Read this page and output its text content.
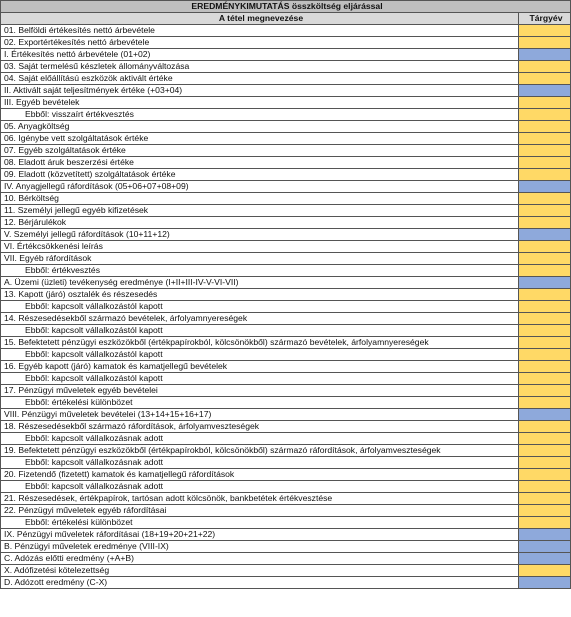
EREDMÉNYKIMUTATÁS összköltség eljárással	
A tétel megnevezése	Tárgyév
01. Belföldi értékesítés nettó árbevétele	
02. Exportértékesítés nettó árbevétele	
I. Értékesítés nettó árbevétele (01+02)	
03. Saját termelésű készletek állományváltozása	
04. Saját előállítású eszközök aktivált értéke	
II. Aktivált saját teljesítmények értéke (+03+04)	
III. Egyéb bevételek	
Ebből: visszaírt értékvesztés	
05. Anyagköltség	
06. Igénybe vett szolgáltatások értéke	
07. Egyéb szolgáltatások értéke	
08. Eladott áruk beszerzési értéke	
09. Eladott (közvetített) szolgáltatások értéke	
IV. Anyagjellegű ráfordítások (05+06+07+08+09)	
10. Bérköltség	
11. Személyi jellegű egyéb kifizetések	
12. Bérjárulékok	
V. Személyi jellegű ráfordítások (10+11+12)	
VI. Értékcsökkenési leírás	
VII. Egyéb ráfordítások	
Ebből: értékvesztés	
A. Üzemi (üzleti) tevékenység eredménye (I+II+III-IV-V-VI-VII)	
13. Kapott (járó) osztalék és részesedés	
Ebből: kapcsolt vállalkozástól kapott	
14. Részesedésekből származó bevételek, árfolyamnyereségek	
Ebből: kapcsolt vállalkozástól kapott	
15. Befektetett pénzügyi eszközökből (értékpapírokból, kölcsönökből) származó bevételek, árfolyamnyereségek	
Ebből: kapcsolt vállalkozástól kapott	
16. Egyéb kapott (járó) kamatok és kamatjellegű bevételek	
Ebből: kapcsolt vállalkozástól kapott	
17. Pénzügyi műveletek egyéb bevételei	
Ebből: értékelési különbözet	
VIII. Pénzügyi műveletek bevételei (13+14+15+16+17)	
18. Részesedésekből származó ráfordítások, árfolyamveszteségek	
Ebből: kapcsolt vállalkozásnak adott	
19. Befektetett pénzügyi eszközökből (értékpapírokból, kölcsönökből) származó ráfordítások, árfolyamveszteségek	
Ebből: kapcsolt vállalkozásnak adott	
20. Fizetendő (fizetett) kamatok és kamatjellegű ráfordítások	
Ebből: kapcsolt vállalkozásnak adott	
21. Részesedések, értékpapírok, tartósan adott kölcsönök, bankbetétek értékvesztése	
22. Pénzügyi műveletek egyéb ráfordításai	
Ebből: értékelési különbözet	
IX. Pénzügyi műveletek ráfordításai (18+19+20+21+22)	
B. Pénzügyi műveletek eredménye (VIII-IX)	
C. Adózás előtti eredmény (+A+B)	
X. Adófizetési kötelezettség	
D. Adózott eredmény (C-X)	
